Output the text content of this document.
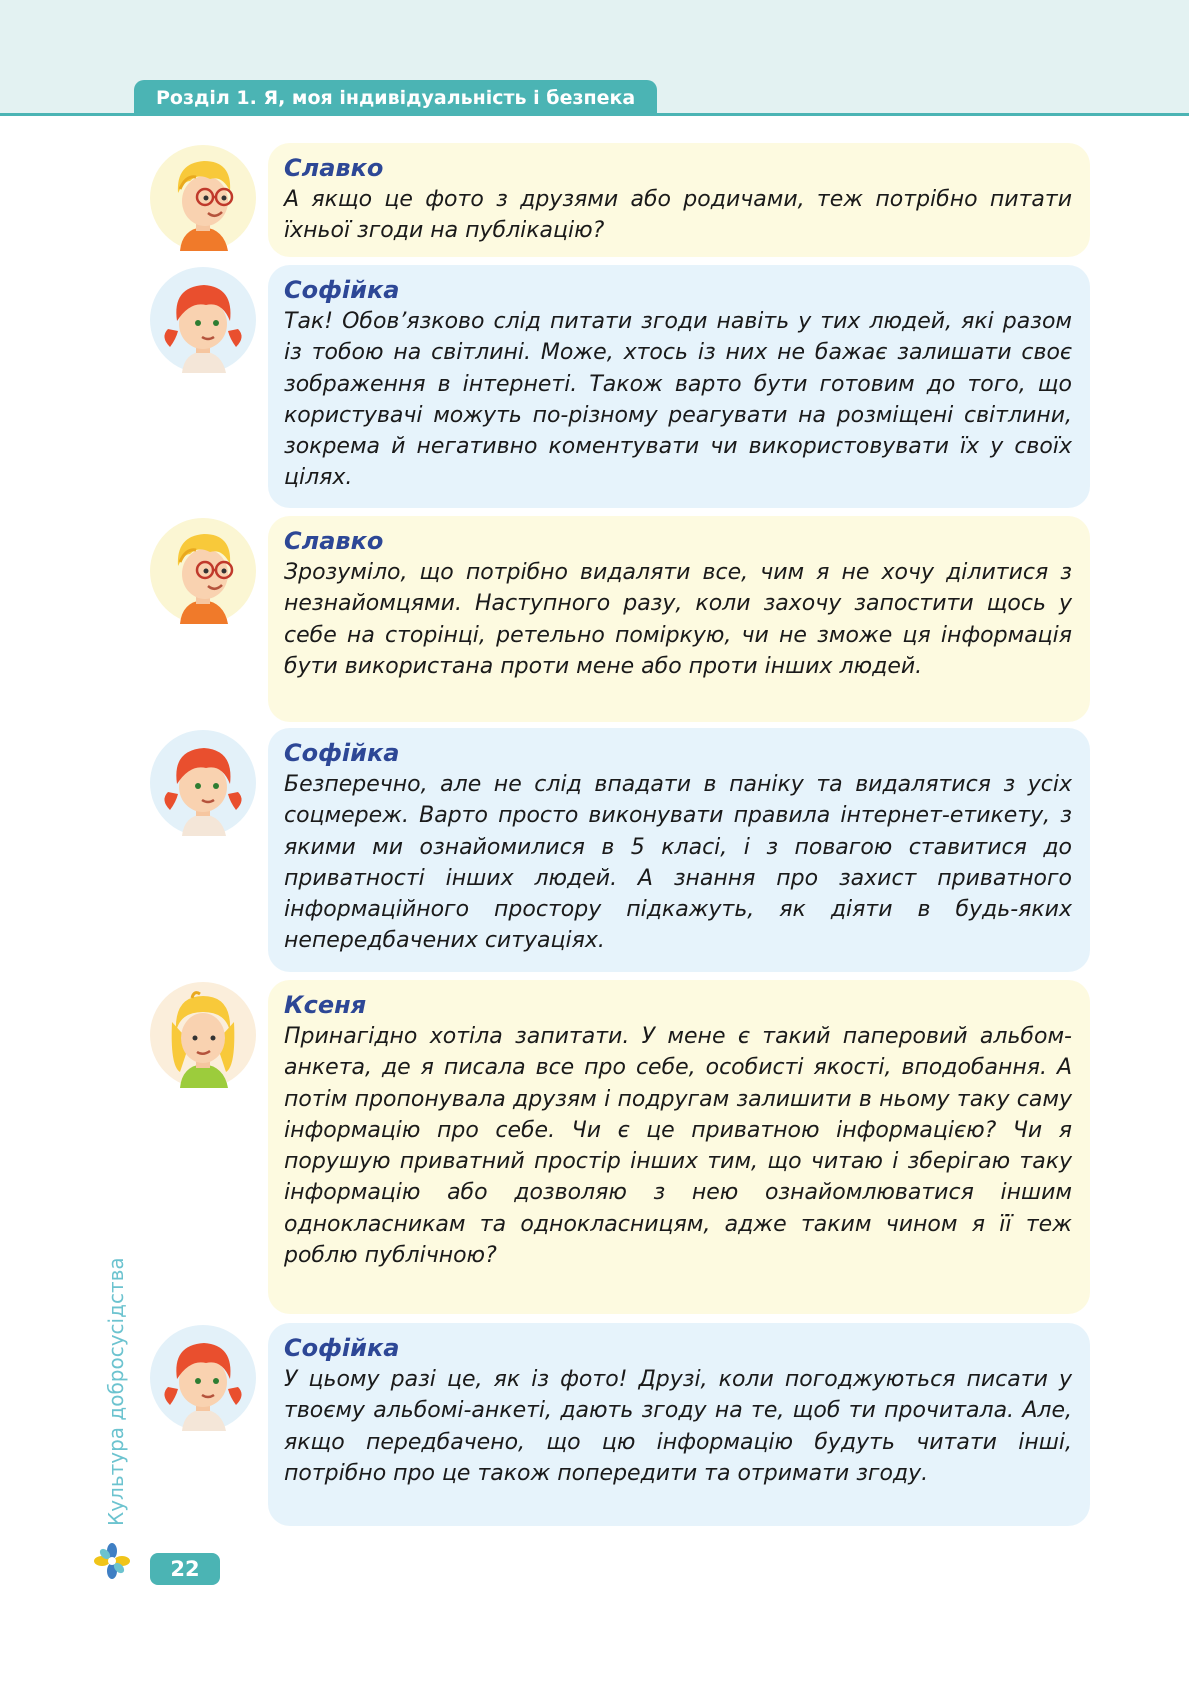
Розділ 1. Я, моя індивідуальність і безпека
Славко
А якщо це фото з друзями або родичами, теж потрібно питати їхньої згоди на публікацію?
Софійка
Так! Обов’язково слід питати згоди навіть у тих людей, які разом із тобою на світлині. Може, хтось із них не бажає залишати своє зображення в інтернеті. Також варто бути готовим до того, що користувачі можуть по-різному реагувати на розміщені світлини, зокрема й негативно коментувати чи використовувати їх у своїх цілях.
Славко
Зрозуміло, що потрібно видаляти все, чим я не хочу ділитися з незнайомцями. Наступного разу, коли захочу запостити щось у себе на сторінці, ретельно поміркую, чи не зможе ця інформація бути використана проти мене або проти інших людей.
Софійка
Безперечно, але не слід впадати в паніку та видалятися з усіх соцмереж. Варто просто виконувати правила інтернет-етикету, з якими ми ознайомилися в 5 класі, і з повагою ставитися до приватності інших людей. А знання про захист приватного інформаційного простору підкажуть, як діяти в будь-яких непередбачених ситуаціях.
Ксеня
Принагідно хотіла запитати. У мене є такий паперовий альбом-анкета, де я писала все про себе, особисті якості, вподобання. А потім пропонувала друзям і подругам залишити в ньому таку саму інформацію про себе. Чи є це приватною інформацією? Чи я порушую приватний простір інших тим, що читаю і зберігаю таку інформацію або дозволяю з нею ознайомлюватися іншим однокласникам та однокласницям, адже таким чином я її теж роблю публічною?
Софійка
У цьому разі це, як із фото! Друзі, коли погоджуються писати у твоєму альбомі-анкеті, дають згоду на те, щоб ти прочитала. Але, якщо передбачено, що цю інформацію будуть читати інші, потрібно про це також попередити та отримати згоду.
Культура добросусідства
22
